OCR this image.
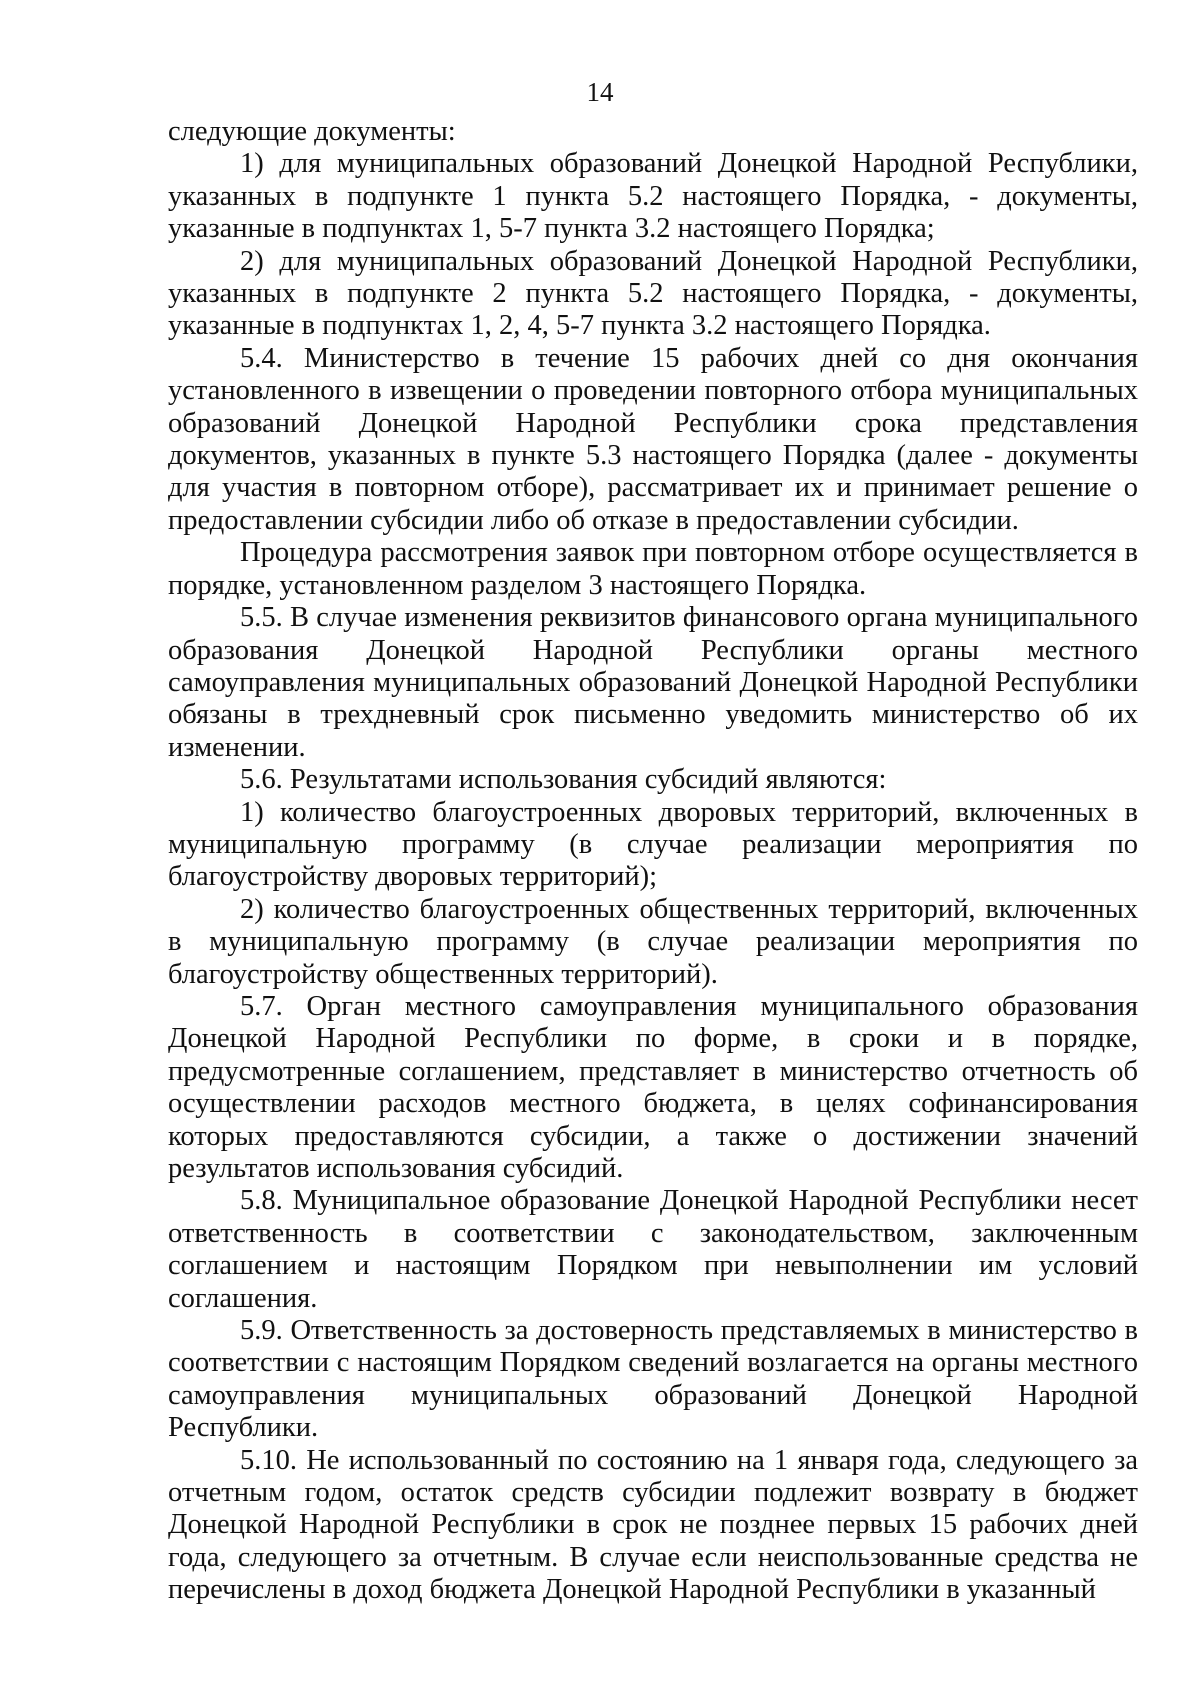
14

следующие документы:

1) для муниципальных образований Донецкой Народной Республики, указанных в подпункте 1 пункта 5.2 настоящего Порядка, - документы, указанные в подпунктах 1, 5-7 пункта 3.2 настоящего Порядка;

2) для муниципальных образований Донецкой Народной Республики, указанных в подпункте 2 пункта 5.2 настоящего Порядка, - документы, указанные в подпунктах 1, 2, 4, 5-7 пункта 3.2 настоящего Порядка.

5.4. Министерство в течение 15 рабочих дней со дня окончания установленного в извещении о проведении повторного отбора муниципальных образований Донецкой Народной Республики срока представления документов, указанных в пункте 5.3 настоящего Порядка (далее - документы для участия в повторном отборе), рассматривает их и принимает решение о предоставлении субсидии либо об отказе в предоставлении субсидии.

Процедура рассмотрения заявок при повторном отборе осуществляется в порядке, установленном разделом 3 настоящего Порядка.

5.5. В случае изменения реквизитов финансового органа муниципального образования Донецкой Народной Республики органы местного самоуправления муниципальных образований Донецкой Народной Республики обязаны в трехдневный срок письменно уведомить министерство об их изменении.

5.6. Результатами использования субсидий являются:

1) количество благоустроенных дворовых территорий, включенных в муниципальную программу (в случае реализации мероприятия по благоустройству дворовых территорий);

2) количество благоустроенных общественных территорий, включенных в муниципальную программу (в случае реализации мероприятия по благоустройству общественных территорий).

5.7. Орган местного самоуправления муниципального образования Донецкой Народной Республики по форме, в сроки и в порядке, предусмотренные соглашением, представляет в министерство отчетность об осуществлении расходов местного бюджета, в целях софинансирования которых предоставляются субсидии, а также о достижении значений результатов использования субсидий.

5.8. Муниципальное образование Донецкой Народной Республики несет ответственность в соответствии с законодательством, заключенным соглашением и настоящим Порядком при невыполнении им условий соглашения.

5.9. Ответственность за достоверность представляемых в министерство в соответствии с настоящим Порядком сведений возлагается на органы местного самоуправления муниципальных образований Донецкой Народной Республики.

5.10. Не использованный по состоянию на 1 января года, следующего за отчетным годом, остаток средств субсидии подлежит возврату в бюджет Донецкой Народной Республики в срок не позднее первых 15 рабочих дней года, следующего за отчетным. В случае если неиспользованные средства не перечислены в доход бюджета Донецкой Народной Республики в указанный
